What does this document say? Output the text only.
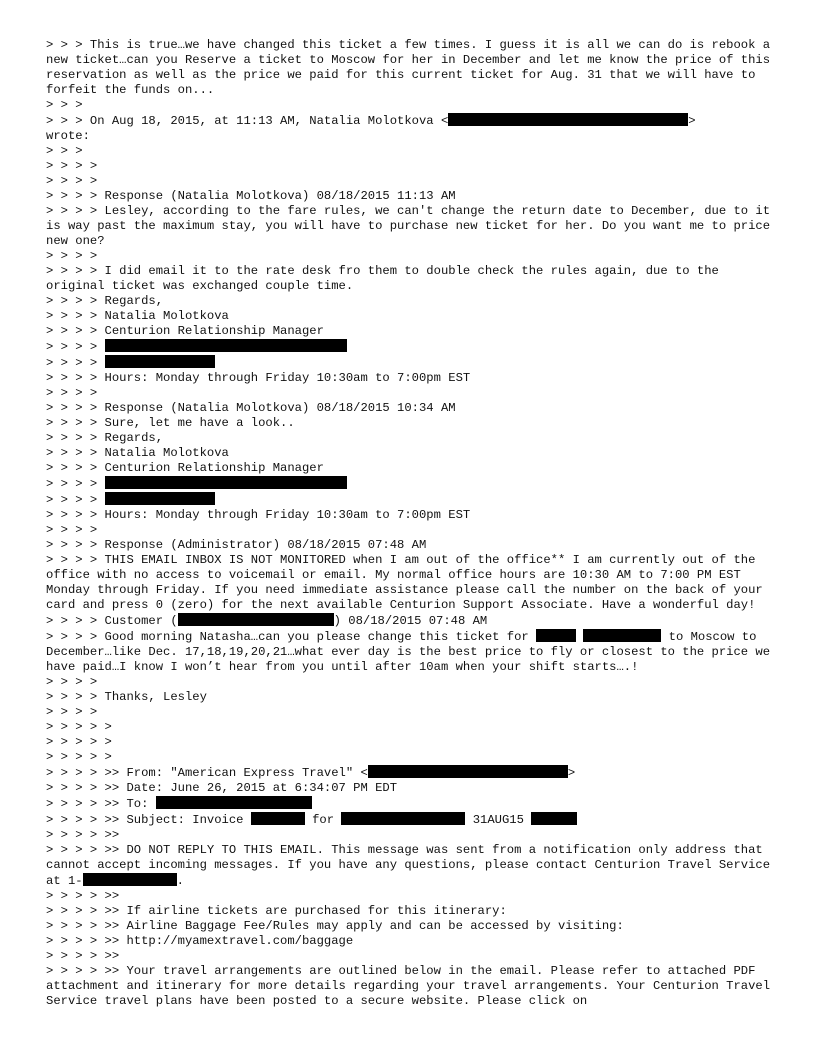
> > > This is true…we have changed this ticket a few times. I guess it is all we can do is rebook a new ticket…can you Reserve a ticket to Moscow for her in December and let me know the price of this reservation as well as the price we paid for this current ticket for Aug. 31 that we will have to forfeit the funds on...
> > >
> > > On Aug 18, 2015, at 11:13 AM, Natalia Molotkova <	>
wrote:
> > >
> > > >
> > > >
> > > > Response (Natalia Molotkova) 08/18/2015 11:13 AM
> > > > Lesley, according to the fare rules, we can't change the return date to December, due to it is way past the maximum stay, you will have to purchase new ticket for her. Do you want me to price new one?
> > > >
> > > > I did email it to the rate desk fro them to double check the rules again, due to the original ticket was exchanged couple time.
> > > > Regards,
> > > > Natalia Molotkova
> > > > Centurion Relationship Manager
> > > >
> > > >
> > > > Hours: Monday through Friday 10:30am to 7:00pm EST
> > > >
> > > > Response (Natalia Molotkova) 08/18/2015 10:34 AM
> > > > Sure, let me have a look..
> > > > Regards,
> > > > Natalia Molotkova
> > > > Centurion Relationship Manager
> > > >
> > > >
> > > > Hours: Monday through Friday 10:30am to 7:00pm EST
> > > >
> > > > Response (Administrator) 08/18/2015 07:48 AM
> > > > THIS EMAIL INBOX IS NOT MONITORED when I am out of the office** I am currently out of the office with no access to voicemail or email. My normal office hours are 10:30 AM to 7:00 PM EST Monday through Friday. If you need immediate assistance please call the number on the back of your card and press 0 (zero) for the next available Centurion Support Associate. Have a wonderful day!
> > > > Customer (	) 08/18/2015 07:48 AM
> > > > Good morning Natasha…can you please change this ticket for	to Moscow to December…like Dec. 17,18,19,20,21…what ever day is the best price to fly or closest to the price we have paid…I know I won’t hear from you until after 10am when your shift starts….!
> > > >
> > > > Thanks, Lesley
> > > >
> > > > >
> > > > >
> > > > >
> > > > >> From: "American Express Travel" <	>
> > > > >> Date: June 26, 2015 at 6:34:07 PM EDT
> > > > >> To:
> > > > >> Subject: Invoice	for	31AUG15
> > > > >>
> > > > >> DO NOT REPLY TO THIS EMAIL. This message was sent from a notification only address that cannot accept incoming messages. If you have any questions, please contact Centurion Travel Service at 1-	.
> > > > >>
> > > > >> If airline tickets are purchased for this itinerary:
> > > > >> Airline Baggage Fee/Rules may apply and can be accessed by visiting:
> > > > >> http://myamextravel.com/baggage
> > > > >>
> > > > >> Your travel arrangements are outlined below in the email. Please refer to attached PDF attachment and itinerary for more details regarding your travel arrangements. Your Centurion Travel Service travel plans have been posted to a secure website. Please click on
